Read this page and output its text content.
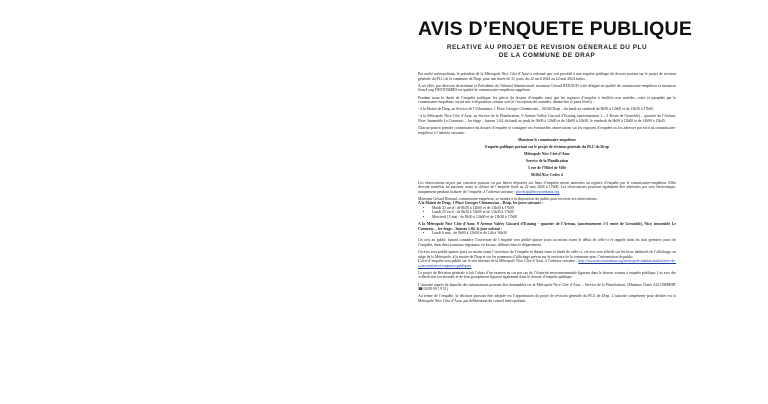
AVIS D’ENQUETE PUBLIQUE
RELATIVE AU PROJET DE REVISION GENERALE DU PLU
DE LA COMMUNE DE DRAP

Par arrêté métropolitain, le président de la Métropole Nice Côte d’Azur a ordonné que soit procédé à une enquête publique du dossier portant sur le projet de révision générale du PLU de la commune de Drap, pour une durée de 31 jours, du 22 avril 2024 au 22 mai 2024 inclus.

A cet effet, par décision de madame la Présidente du Tribunal Administratif, monsieur Gérard RENAUD a été désigné en qualité de commissaire-enquêteur et monsieur Jean-Loup DESTOMBES en qualité de commissaire-enquêteur suppléant.

Pendant toute la durée de l’enquête publique, les pièces du dossier d’enquête ainsi que les registres d’enquête à feuillets non mobiles, cotés et paraphés par le commissaire-enquêteur, seront mis à disposition comme suit (à l’exception des samedis, dimanches et jours fériés) :

- à la Mairie de Drap, au Service de l’Urbanisme, 1 Place Georges Clemenceau – 06340 Drap – du lundi au vendredi de 8h30 à 12h00 et de 13h30 à 17h00,

- à la Métropole Nice Côte d’Azur, au Service de la Planification, 9 Avenue Valéry Giscard d’Estaing (anciennement 1 – 3 Route de Grenoble) – quartier de l’Arénas, Nice- Immeuble Le Connexio – 1er étage – bureau 1.04, du lundi au jeudi de 9h00 à 12h00 et de 14h00 à 16h30, le vendredi de 9h00 à 12h00 et de 14h00 à 15h45.

Chacun pourra prendre connaissance du dossier d’enquête et consigner ses éventuelles observations sur les registres d’enquête ou les adresser par écrit au commissaire-enquêteur à l’adresse suivante :

Monsieur le commissaire-enquêteur

Enquête publique portant sur le projet de révision générale du PLU de Drap

Métropole Nice Côte d’Azur

Service de la Planification

5 rue de l’Hôtel de Ville

06364 Nice Cedex 4

Les observations reçues par courriers postaux ou par lettres déposées sur lieux d’enquête seront annexées au registre d’enquête par le commissaire-enquêteur. Elles devront toutefois lui parvenir avant la clôture de l’enquête fixée au 22 mai 2024 à 17h00. Les observations pourront également être adressées par voie électronique, uniquement pendant la durée de l’enquête, à l’adresse suivante : plu-drap@nicecotedazur.org

Monsieur Gérard Renaud, commissaire-enquêteur, se tiendra à la disposition du public pour recevoir ses observations :

A la Mairie de Drap, 1 Place Georges Clemenceau – Drap, les jours suivants :

• Mardi 23 avril : de 8h30 à 12h00 et de 13h30 à 17h00
• Lundi 29 avril : de 8h30 à 12h00 et de 13h30 à 17h00
• Mercredi 15 mai : de 8h30 à 12h00 et de 13h30 à 17h00

A la Métropole Nice Côte d’Azur, 9 Avenue Valéry Giscard d’Estaing - quartier de l’Arénas, (anciennement 1-3 route de Grenoble), Nice, immeuble Le Connexio – 1er étage – bureau 1.04, le jour suivant :

• Lundi 6 mai : de 9h00 à 12h00 et de 14h à 16h30

Un avis au public faisant connaître l’ouverture de l’enquête sera publié quinze jours au moins avant le début de celle-ci et rappelé dans les huit premiers jours de l’enquête, dans deux journaux régionaux ou locaux, diffusés dans le département.

Un avis sera publié quinze jours au moins avant l’ouverture de l’enquête et durant toute la durée de celle-ci, cet avis sera affiché sur les lieux habituels de l’affichage, au siège de la Métropole, à la mairie de Drap et sur les panneaux d’affichage prévus sur le territoire de la commune pour l’information du public.

L’avis d’enquête sera publié sur le site internet de la Métropole Nice Côte d’Azur, à l’adresse suivante : http://www.nicecotedazur.org/metropole-administration/avis-de-concertation-et-enquetes-publiques

Le projet de Révision générale a fait l’objet d’un examen au cas par cas de l’Autorité environnementale figurant dans le dossier soumis à enquête publique. Les avis des collectivités territoriales et de leur groupement figurent également dans le dossier d’enquête publique.

L’autorité auprès de laquelle des informations peuvent être demandées est la Métropole Nice Côte d’Azur – Service de la Planification. (Madame Claire ALLOMBERT ☎ 04 89 98 19 31)

Au terme de l’enquête, la décision pouvant être adoptée est l’approbation du projet de révision générale du PLU de Drap. L’autorité compétente pour décider est la Métropole Nice Côte d’Azur, par délibération du conseil métropolitain.
